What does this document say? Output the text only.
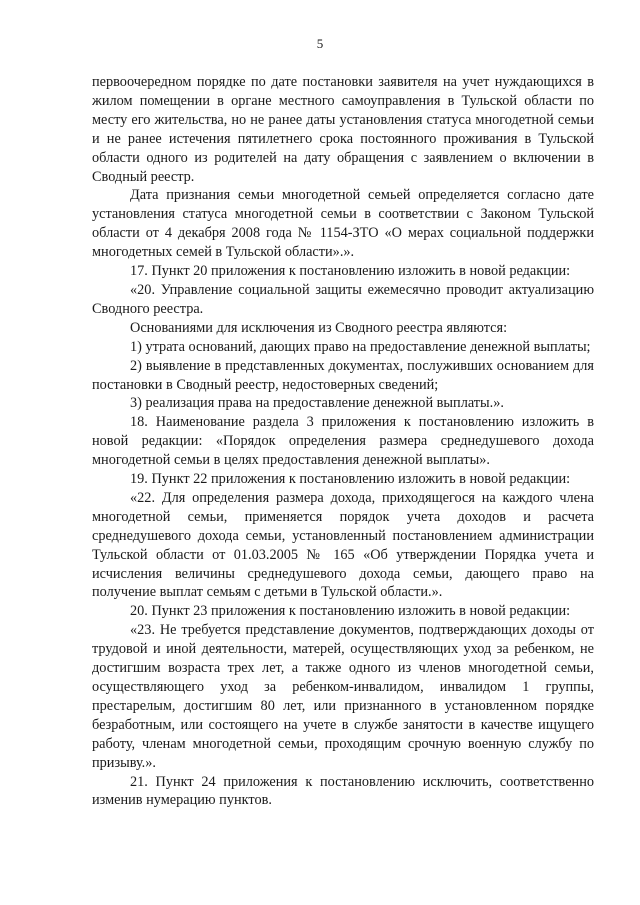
5

первоочередном порядке по дате постановки заявителя на учет нуждающихся в жилом помещении в органе местного самоуправления в Тульской области по месту его жительства, но не ранее даты установления статуса многодетной семьи и не ранее истечения пятилетнего срока постоянного проживания в Тульской области одного из родителей на дату обращения с заявлением о включении в Сводный реестр.

Дата признания семьи многодетной семьей определяется согласно дате установления статуса многодетной семьи в соответствии с Законом Тульской области от 4 декабря 2008 года № 1154-ЗТО «О мерах социальной поддержки многодетных семей в Тульской области».».

17. Пункт 20 приложения к постановлению изложить в новой редакции:

«20. Управление социальной защиты ежемесячно проводит актуализацию Сводного реестра.

Основаниями для исключения из Сводного реестра являются:

1) утрата оснований, дающих право на предоставление денежной выплаты;

2) выявление в представленных документах, послуживших основанием для постановки в Сводный реестр, недостоверных сведений;

3) реализация права на предоставление денежной выплаты.».

18. Наименование раздела 3 приложения к постановлению изложить в новой редакции: «Порядок определения размера среднедушевого дохода многодетной семьи в целях предоставления денежной выплаты».

19. Пункт 22 приложения к постановлению изложить в новой редакции:

«22. Для определения размера дохода, приходящегося на каждого члена многодетной семьи, применяется порядок учета доходов и расчета среднедушевого дохода семьи, установленный постановлением администрации Тульской области от 01.03.2005 № 165 «Об утверждении Порядка учета и исчисления величины среднедушевого дохода семьи, дающего право на получение выплат семьям с детьми в Тульской области.».

20. Пункт 23 приложения к постановлению изложить в новой редакции:

«23. Не требуется представление документов, подтверждающих доходы от трудовой и иной деятельности, матерей, осуществляющих уход за ребенком, не достигшим возраста трех лет, а также одного из членов многодетной семьи, осуществляющего уход за ребенком-инвалидом, инвалидом 1 группы, престарелым, достигшим 80 лет, или признанного в установленном порядке безработным, или состоящего на учете в службе занятости в качестве ищущего работу, членам многодетной семьи, проходящим срочную военную службу по призыву.».

21. Пункт 24 приложения к постановлению исключить, соответственно изменив нумерацию пунктов.
